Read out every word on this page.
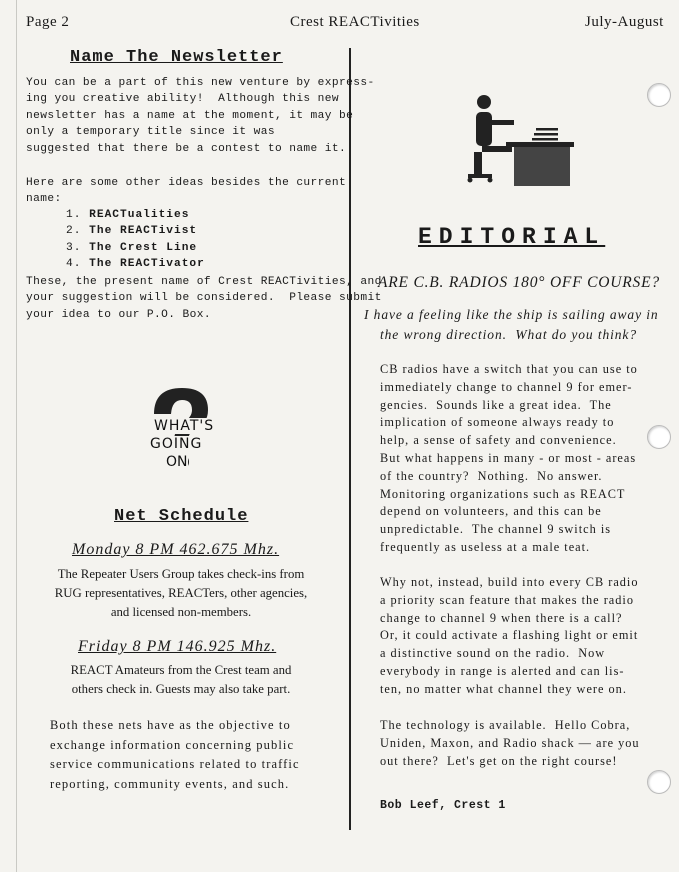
Page 2	Crest REACTivities	July-August
Name The Newsletter
You can be a part of this new venture by express-
ing you creative ability!  Although this new
newsletter has a name at the moment, it may be
only a temporary title since it was
suggested that there be a contest to name it.
Here are some other ideas besides the current
name:
1. REACTualities
2. The REACTivist
3. The Crest Line
4. The REACTivator
These, the present name of Crest REACTivities, and
your suggestion will be considered.  Please submit
your idea to our P.O. Box.
WHAT'S
GOING
ON
Net Schedule
Monday 8 PM 462.675 Mhz.
The Repeater Users Group takes check-ins from
RUG representatives, REACTers, other agencies,
and licensed non-members.
Friday 8 PM 146.925 Mhz.
REACT Amateurs from the Crest team and
others check in. Guests may also take part.
Both these nets have as the objective to
exchange information concerning public
service communications related to traffic
reporting, community events, and such.
EDITORIAL
ARE C.B. RADIOS 180° OFF COURSE?
I have a feeling like the ship is sailing away in
the wrong direction.  What do you think?
CB radios have a switch that you can use to
immediately change to channel 9 for emer-
gencies.  Sounds like a great idea.  The
implication of someone always ready to
help, a sense of safety and convenience.
But what happens in many - or most - areas
of the country?  Nothing.  No answer.
Monitoring organizations such as REACT
depend on volunteers, and this can be
unpredictable.  The channel 9 switch is
frequently as useless at a male teat.
Why not, instead, build into every CB radio
a priority scan feature that makes the radio
change to channel 9 when there is a call?
Or, it could activate a flashing light or emit
a distinctive sound on the radio.  Now
everybody in range is alerted and can lis-
ten, no matter what channel they were on.
The technology is available.  Hello Cobra,
Uniden, Maxon, and Radio shack — are you
out there?  Let's get on the right course!
Bob Leef, Crest 1
